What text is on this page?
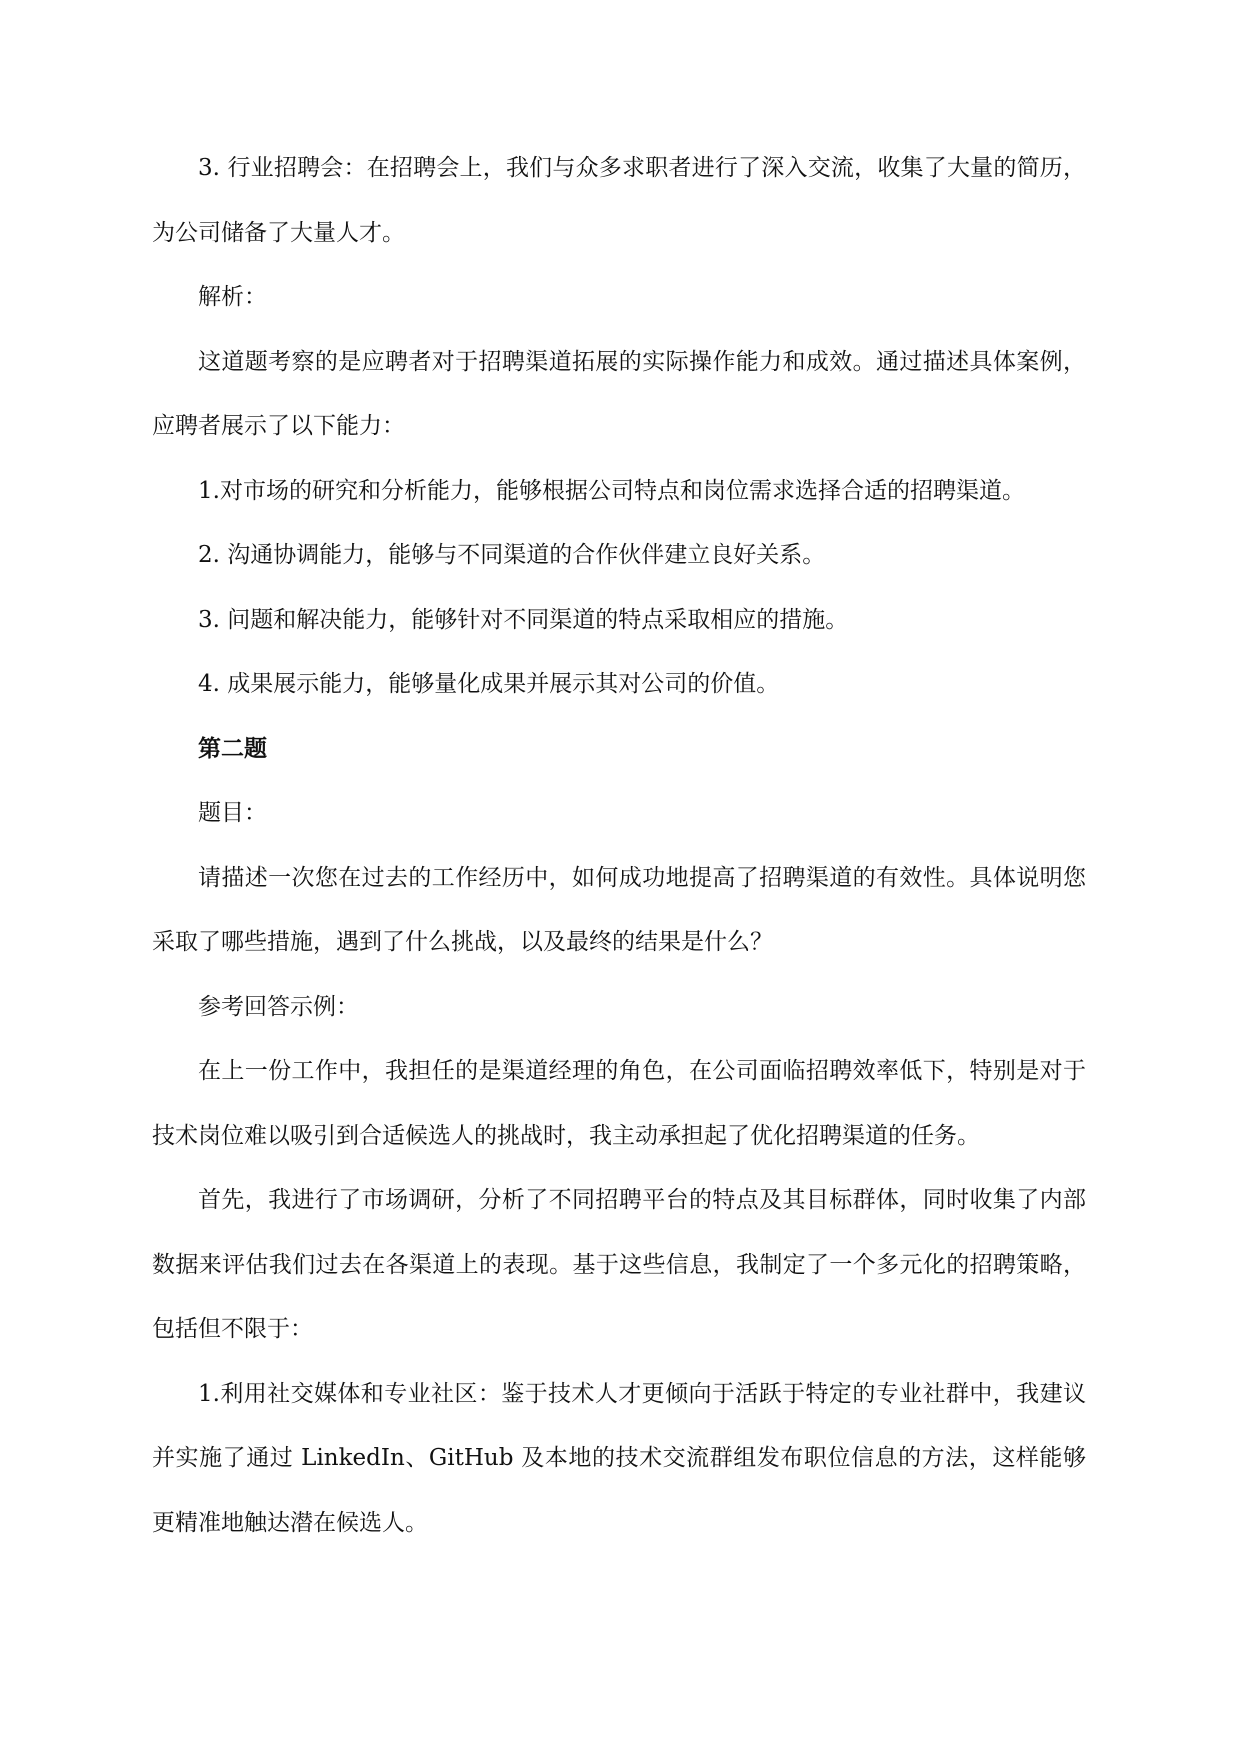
3. 行业招聘会：在招聘会上，我们与众多求职者进行了深入交流，收集了大量的简历，为公司储备了大量人才。

解析：

这道题考察的是应聘者对于招聘渠道拓展的实际操作能力和成效。通过描述具体案例，应聘者展示了以下能力：

1.对市场的研究和分析能力，能够根据公司特点和岗位需求选择合适的招聘渠道。

2. 沟通协调能力，能够与不同渠道的合作伙伴建立良好关系。

3. 问题和解决能力，能够针对不同渠道的特点采取相应的措施。

4. 成果展示能力，能够量化成果并展示其对公司的价值。

第二题

题目：

请描述一次您在过去的工作经历中，如何成功地提高了招聘渠道的有效性。具体说明您采取了哪些措施，遇到了什么挑战，以及最终的结果是什么？

参考回答示例：

在上一份工作中，我担任的是渠道经理的角色，在公司面临招聘效率低下，特别是对于技术岗位难以吸引到合适候选人的挑战时，我主动承担起了优化招聘渠道的任务。

首先，我进行了市场调研，分析了不同招聘平台的特点及其目标群体，同时收集了内部数据来评估我们过去在各渠道上的表现。基于这些信息，我制定了一个多元化的招聘策略，包括但不限于：

1.利用社交媒体和专业社区：鉴于技术人才更倾向于活跃于特定的专业社群中，我建议并实施了通过 LinkedIn、GitHub 及本地的技术交流群组发布职位信息的方法，这样能够更精准地触达潜在候选人。
